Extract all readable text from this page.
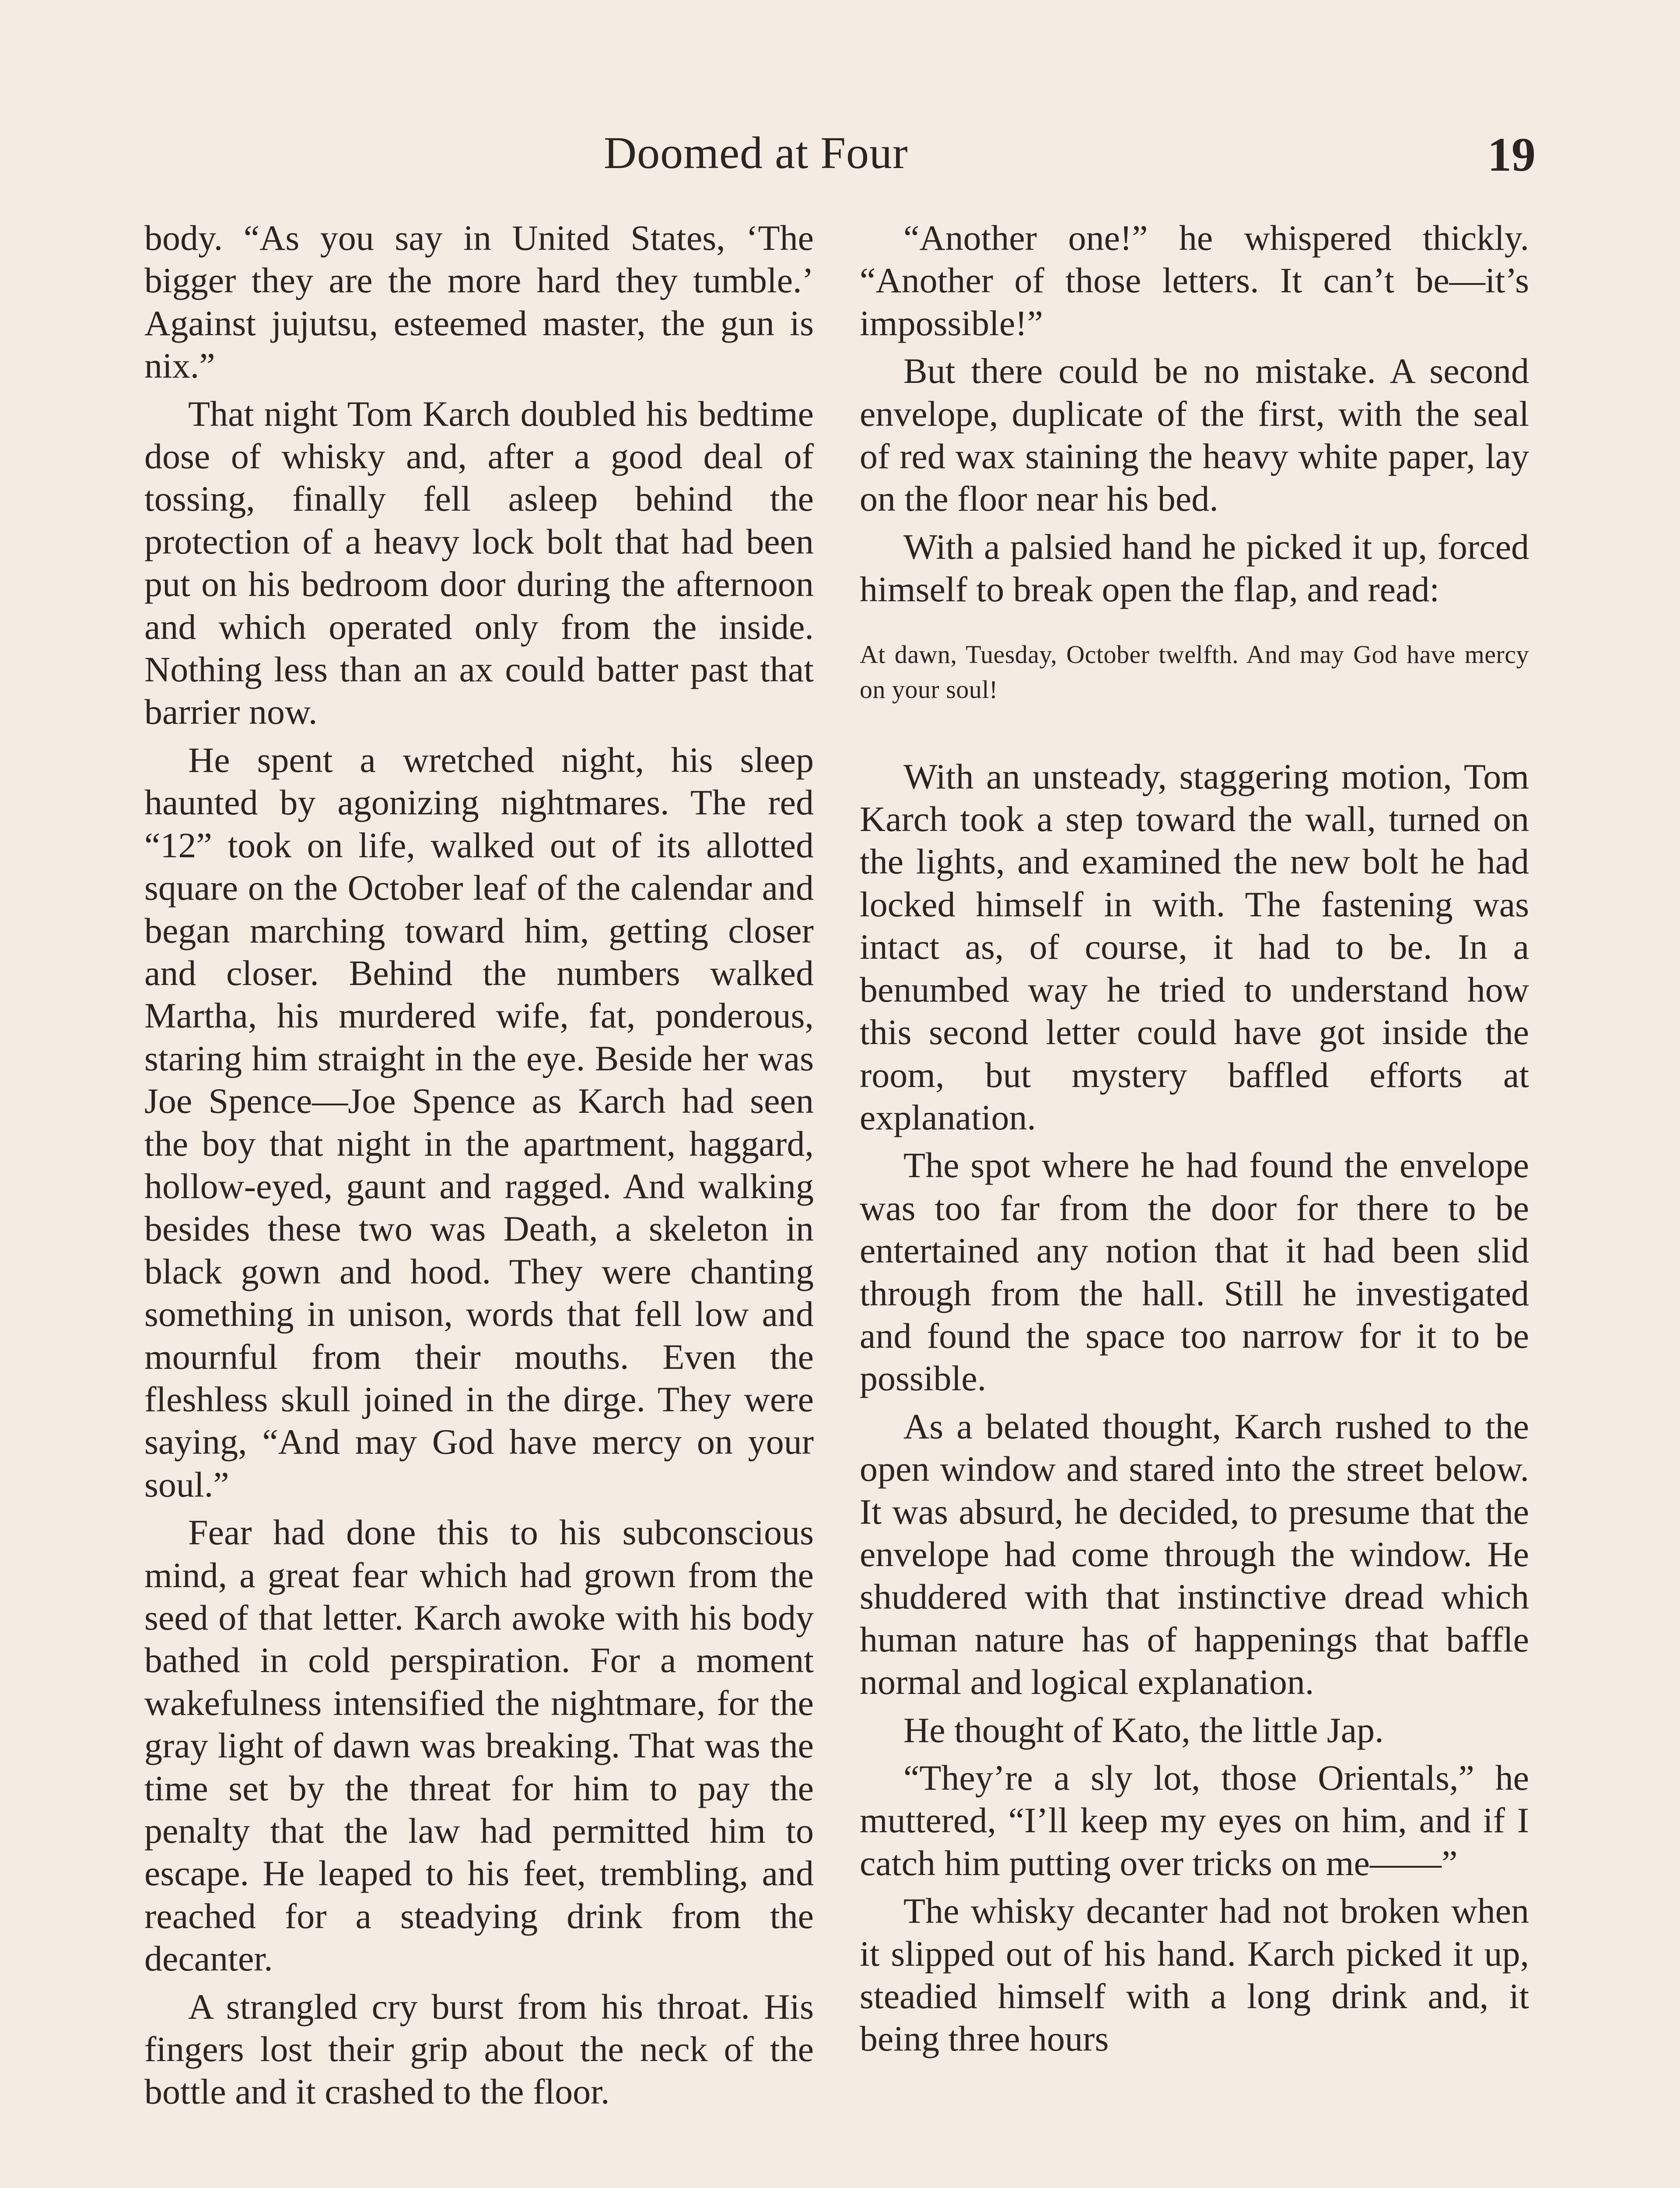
Doomed at Four	19

body. “As you say in United States, ‘The bigger they are the more hard they tumble.’ Against jujutsu, esteemed master, the gun is nix.”

That night Tom Karch doubled his bedtime dose of whisky and, after a good deal of tossing, finally fell asleep behind the protection of a heavy lock bolt that had been put on his bedroom door during the afternoon and which operated only from the inside. Nothing less than an ax could batter past that barrier now.

He spent a wretched night, his sleep haunted by agonizing nightmares. The red “12” took on life, walked out of its allotted square on the October leaf of the calendar and began marching toward him, getting closer and closer. Behind the numbers walked Martha, his murdered wife, fat, ponderous, staring him straight in the eye. Beside her was Joe Spence—Joe Spence as Karch had seen the boy that night in the apartment, haggard, hollow-eyed, gaunt and ragged. And walking besides these two was Death, a skeleton in black gown and hood. They were chanting something in unison, words that fell low and mournful from their mouths. Even the fleshless skull joined in the dirge. They were saying, “And may God have mercy on your soul.”

Fear had done this to his subconscious mind, a great fear which had grown from the seed of that letter. Karch awoke with his body bathed in cold perspiration. For a moment wakefulness intensified the nightmare, for the gray light of dawn was breaking. That was the time set by the threat for him to pay the penalty that the law had permitted him to escape. He leaped to his feet, trembling, and reached for a steadying drink from the decanter.

A strangled cry burst from his throat. His fingers lost their grip about the neck of the bottle and it crashed to the floor.

“Another one!” he whispered thickly. “Another of those letters. It can’t be—it’s impossible!”

But there could be no mistake. A second envelope, duplicate of the first, with the seal of red wax staining the heavy white paper, lay on the floor near his bed.

With a palsied hand he picked it up, forced himself to break open the flap, and read:

At dawn, Tuesday, October twelfth. And may God have mercy on your soul!

With an unsteady, staggering motion, Tom Karch took a step toward the wall, turned on the lights, and examined the new bolt he had locked himself in with. The fastening was intact as, of course, it had to be. In a benumbed way he tried to understand how this second letter could have got inside the room, but mystery baffled efforts at explanation.

The spot where he had found the envelope was too far from the door for there to be entertained any notion that it had been slid through from the hall. Still he investigated and found the space too narrow for it to be possible.

As a belated thought, Karch rushed to the open window and stared into the street below. It was absurd, he decided, to presume that the envelope had come through the window. He shuddered with that instinctive dread which human nature has of happenings that baffle normal and logical explanation.

He thought of Kato, the little Jap.

“They’re a sly lot, those Orientals,” he muttered, “I’ll keep my eyes on him, and if I catch him putting over tricks on me——”

The whisky decanter had not broken when it slipped out of his hand. Karch picked it up, steadied himself with a long drink and, it being three hours
